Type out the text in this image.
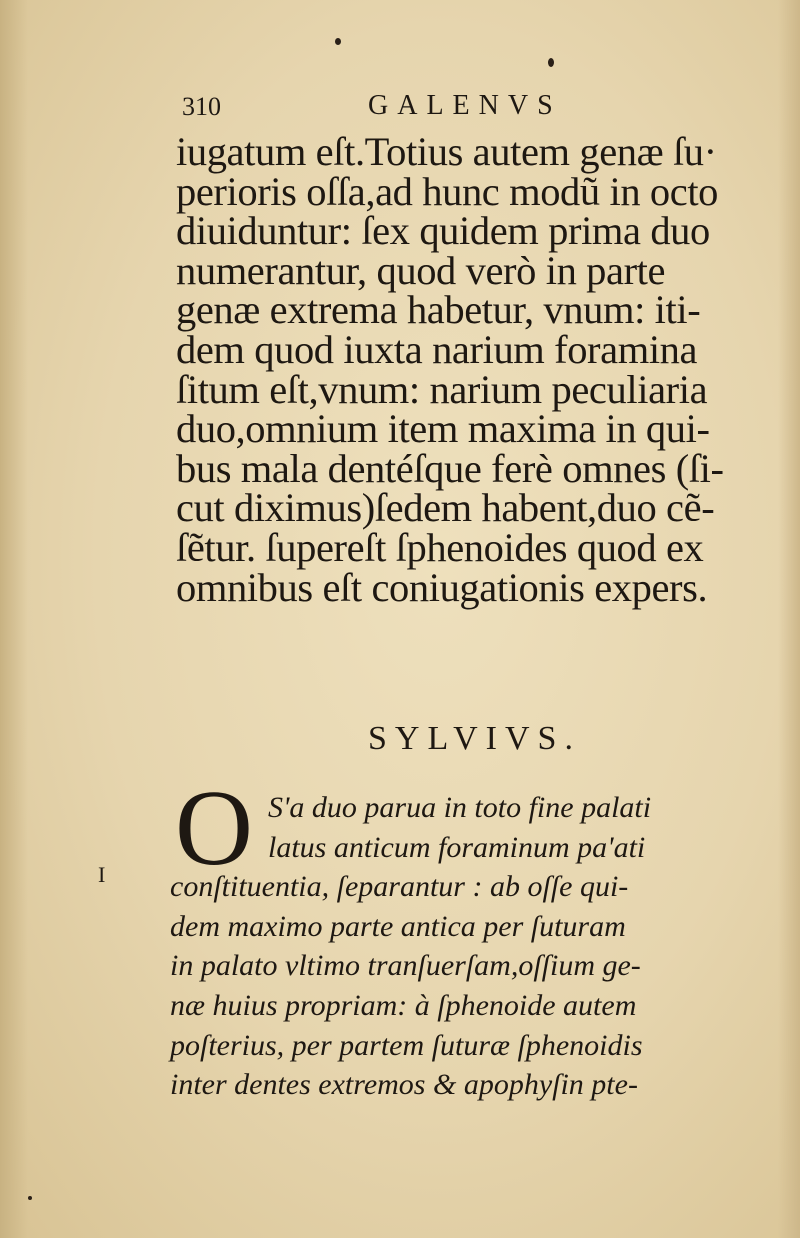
310	GALENVS
iugatum eſt.Totius autem genæ ſu·
perioris oſſa,ad hunc modũ in octo
diuiduntur: ſex quidem prima duo
numerantur, quod verò in parte
genæ extrema habetur, vnum: iti-
dem quod iuxta narium foramina
ſitum eſt,vnum: narium peculiaria
duo,omnium item maxima in qui-
bus mala dentéſque ferè omnes (ſi-
cut diximus)ſedem habent,duo cẽ-
ſẽtur. ſupereſt ſphenoides quod ex
omnibus eſt coniugationis expers.
SYLVIVS.
O S'a duo parua in toto fine palati
latus anticum foraminum pa'ati
conſtituentia, ſeparantur : ab oſſe qui-
dem maximo parte antica per ſuturam
in palato vltimo tranſuerſam,oſſium ge-
næ huius propriam: à ſphenoide autem
poſterius, per partem ſuturæ ſphenoidis
inter dentes extremos & apophyſin pte-
I
